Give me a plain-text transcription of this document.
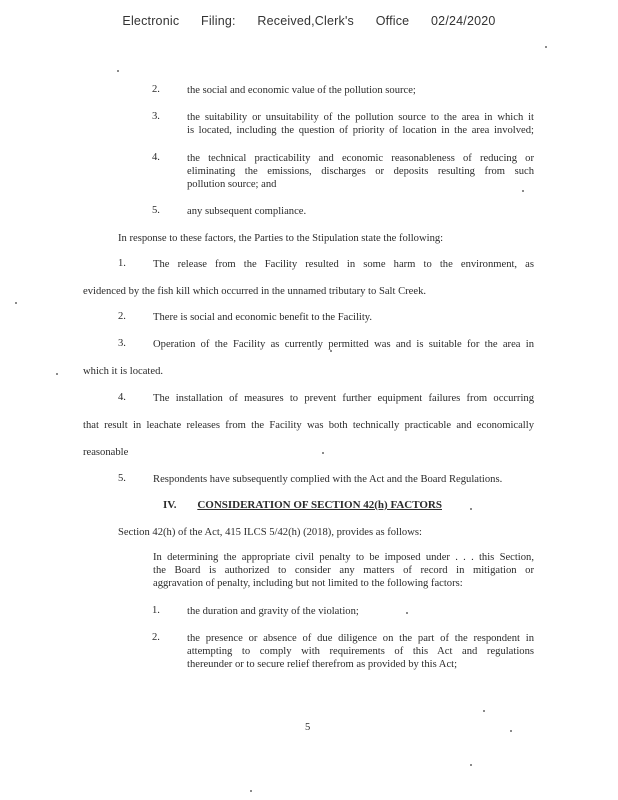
Electronic Filing: Received,Clerk's Office 02/24/2020
2.	the social and economic value of the pollution source;
3.	the suitability or unsuitability of the pollution source to the area in which it
is located, including the question of priority of location in the area involved;
4.	the technical practicability and economic reasonableness of reducing or
eliminating the emissions, discharges or deposits resulting from such
pollution source; and
5.	any subsequent compliance.
In response to these factors, the Parties to the Stipulation state the following:
1.	The release from the Facility resulted in some harm to the environment, as
evidenced by the fish kill which occurred in the unnamed tributary to Salt Creek.
2.	There is social and economic benefit to the Facility.
3.	Operation of the Facility as currently permitted was and is suitable for the area in
which it is located.
4.	The installation of measures to prevent further equipment failures from occurring
that result in leachate releases from the Facility was both technically practicable and economically
reasonable
5.	Respondents have subsequently complied with the Act and the Board Regulations.
IV. CONSIDERATION OF SECTION 42(h) FACTORS
Section 42(h) of the Act, 415 ILCS 5/42(h) (2018), provides as follows:
In determining the appropriate civil penalty to be imposed under . . . this Section,
the Board is authorized to consider any matters of record in mitigation or
aggravation of penalty, including but not limited to the following factors:
1.	the duration and gravity of the violation;
2.	the presence or absence of due diligence on the part of the respondent in
attempting to comply with requirements of this Act and regulations
thereunder or to secure relief therefrom as provided by this Act;
5
